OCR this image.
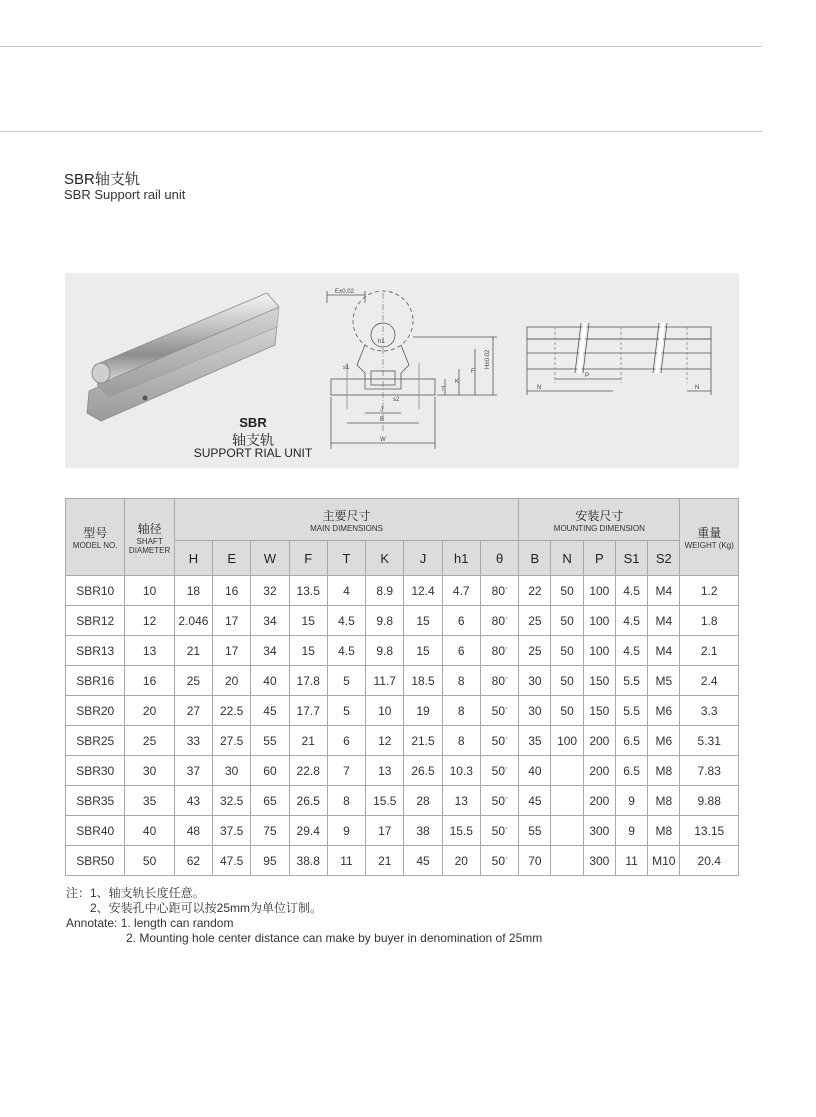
SBR轴支轨
SBR Support rail unit
E±0.02
H±0.02
B
W
J
h1
s1
s2
T
K
F
N
P
N
SBR
轴支轨
SUPPORT RIAL UNIT
型号
MODEL NO.	轴径
SHAFT DIAMETER	主要尺寸
MAIN DIMENSIONS									安装尺寸
MOUNTING DIMENSION					重量
WEIGHT (Kg)

		H	E	W	F	T	K	J	h1	θ	B	N	P	S1	S2	
SBR10	10	18	16	32	13.5	4	8.9	12.4	4.7	80◦	22	50	100	4.5	M4	1.2
SBR12	12	2.046	17	34	15	4.5	9.8	15	6	80◦	25	50	100	4.5	M4	1.8
SBR13	13	21	17	34	15	4.5	9.8	15	6	80◦	25	50	100	4.5	M4	2.1
SBR16	16	25	20	40	17.8	5	11.7	18.5	8	80◦	30	50	150	5.5	M5	2.4
SBR20	20	27	22.5	45	17.7	5	10	19	8	50◦	30	50	150	5.5	M6	3.3
SBR25	25	33	27.5	55	21	6	12	21.5	8	50◦	35	100	200	6.5	M6	5.31
SBR30	30	37	30	60	22.8	7	13	26.5	10.3	50◦	40		200	6.5	M8	7.83
SBR35	35	43	32.5	65	26.5	8	15.5	28	13	50◦	45		200	9	M8	9.88
SBR40	40	48	37.5	75	29.4	9	17	38	15.5	50◦	55		300	9	M8	13.15
SBR50	50	62	47.5	95	38.8	11	21	45	20	50◦	70		300	11	M10	20.4
注：1、轴支轨长度任意。
2、安装孔中心距可以按25mm为单位订制。
Annotate: 1. length can random
2. Mounting hole center distance can make by buyer in denomination of 25mm
